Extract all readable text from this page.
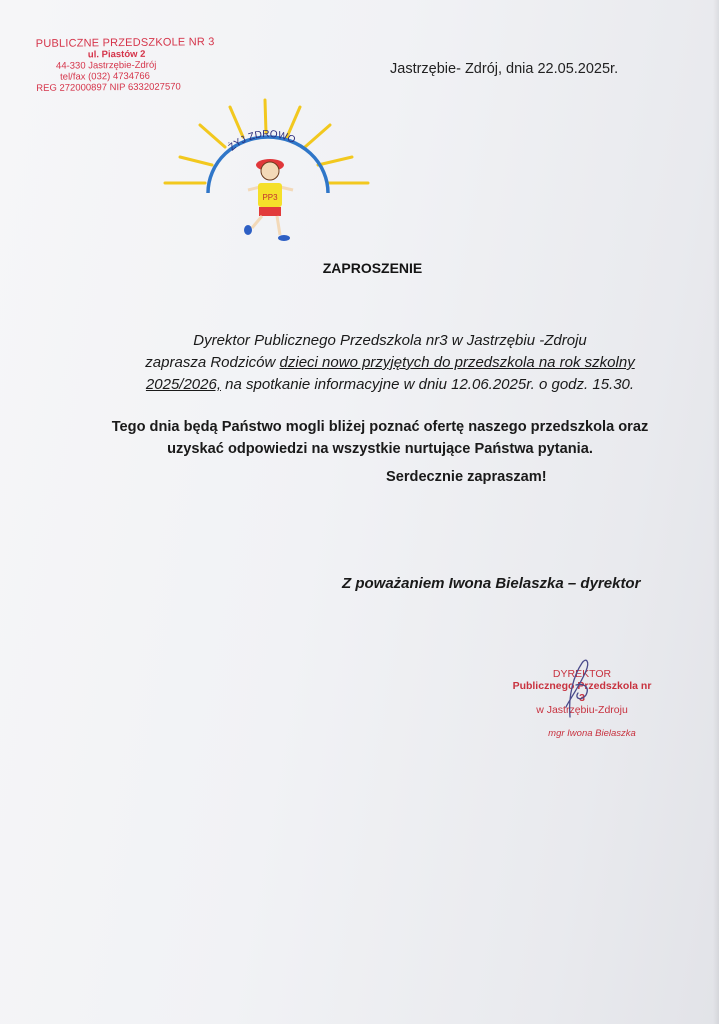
PUBLICZNE PRZEDSZKOLE NR 3
ul. Piastów 2
44-330 Jastrzębie-Zdrój
tel/fax (032) 4734766
REG 272000897 NIP 6332027570
Jastrzębie- Zdrój, dnia 22.05.2025r.
ŻYJ ZDROWO
PP3
ZAPROSZENIE
Dyrektor Publicznego Przedszkola nr3 w Jastrzębiu -Zdroju
zaprasza Rodziców dzieci nowo przyjętych do przedszkola na rok szkolny
2025/2026, na spotkanie informacyjne w dniu 12.06.2025r. o godz. 15.30.
Tego dnia będą Państwo mogli bliżej poznać ofertę naszego przedszkola oraz
uzyskać odpowiedzi na wszystkie nurtujące Państwa pytania.
Serdecznie zapraszam!
Z poważaniem Iwona Bielaszka – dyrektor
DYREKTOR
Publicznego Przedszkola nr 3
w Jastrzębiu-Zdroju
mgr Iwona Bielaszka
